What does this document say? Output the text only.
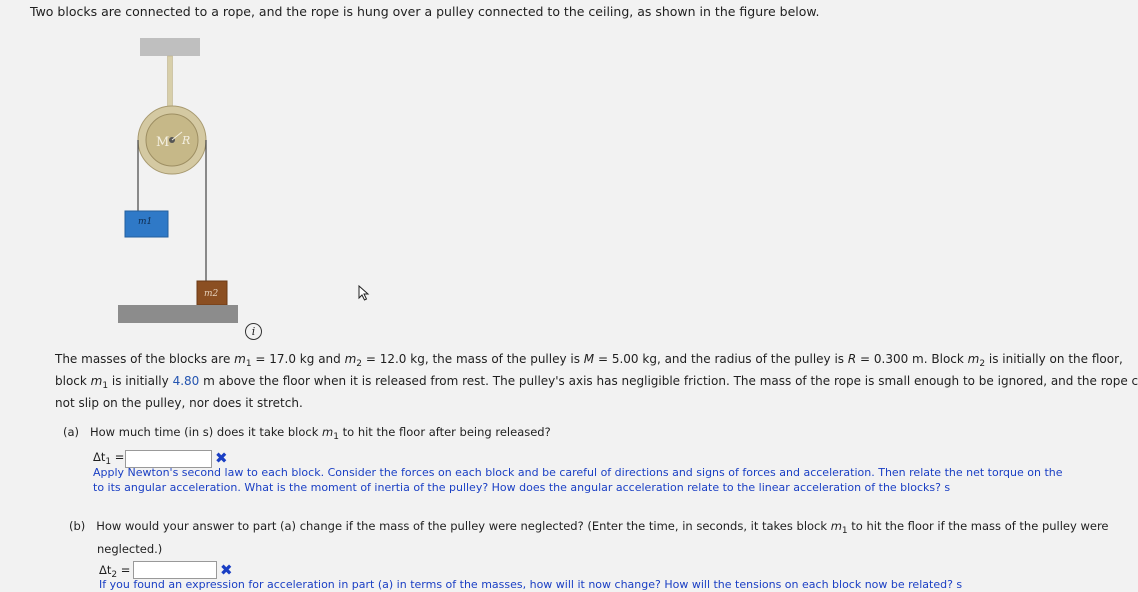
Two blocks are connected to a rope, and the rope is hung over a pulley connected to the ceiling, as shown in the figure below.
M R
m1
m2
i
The masses of the blocks are $m_1 = 17.0$ kg and $m_2 = 12.0$ kg, the mass of the pulley is M = 5.00 kg, and the radius of the pulley is R = 0.300 m. Block $m_2$ is initially on the floor,
block $m_1$ is initially 4.80 m above the floor when it is released from rest. The pulley's axis has negligible friction. The mass of the rope is small enough to be ignored, and the rope c
not slip on the pulley, nor does it stretch.
(a) How much time (in s) does it take block $m_1$ to hit the floor after being released?
$\Delta t_1$ =	✖
Apply Newton's second law to each block. Consider the forces on each block and be careful of directions and signs of forces and acceleration. Then relate the net torque on the
to its angular acceleration. What is the moment of inertia of the pulley? How does the angular acceleration relate to the linear acceleration of the blocks? s
(b) How would your answer to part (a) change if the mass of the pulley were neglected? (Enter the time, in seconds, it takes block $m_1$ to hit the floor if the mass of the pulley were
neglected.)
$\Delta t_2$ =	✖
If you found an expression for acceleration in part (a) in terms of the masses, how will it now change? How will the tensions on each block now be related? s
